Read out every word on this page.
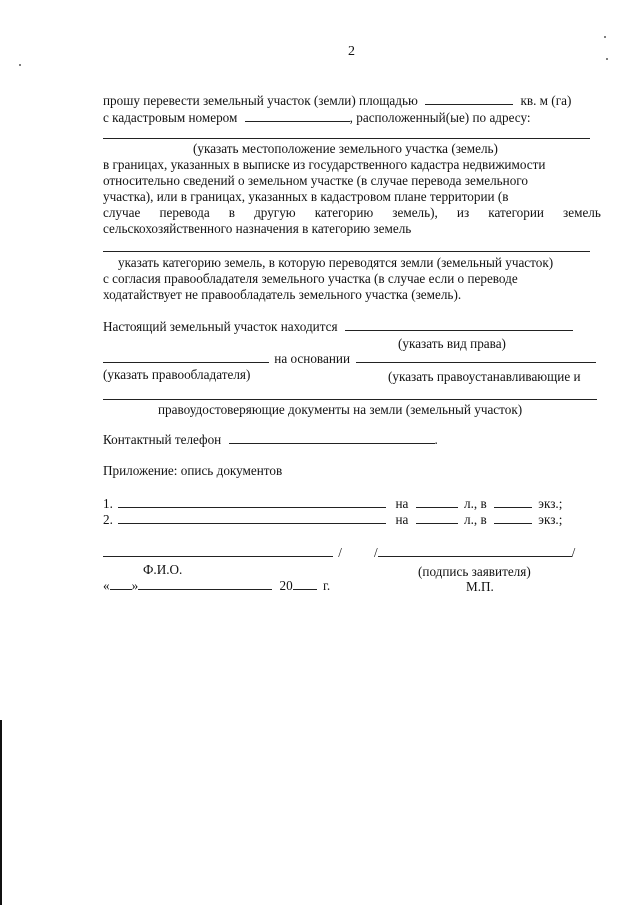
2
прошу перевести земельный участок (земли) площадью	кв. м (га)
с кадастровым номером	, расположенный(ые) по адресу:
(указать местоположение земельного участка (земель)
в границах, указанных в выписке из государственного кадастра недвижимости
относительно сведений о земельном участке (в случае перевода земельного
участка), или в границах, указанных в кадастровом плане территории (в
случае перевода в другую категорию земель), из категории земель
сельскохозяйственного назначения в категорию земель
указать категорию земель, в которую переводятся земли (земельный участок)
с согласия правообладателя земельного участка (в случае если о переводе
ходатайствует не правообладатель земельного участка (земель).
Настоящий земельный участок находится
(указать вид права)
на основании
(указать правообладателя)	(указать правоустанавливающие и
правоудостоверяющие документы на земли (земельный участок)
Контактный телефон	.
Приложение: опись документов
1.	на	л., в	экз.;
2.	на	л., в	экз.;
/ /	/
Ф.И.О.	(подпись заявителя)
« »	20 г.	М.П.
